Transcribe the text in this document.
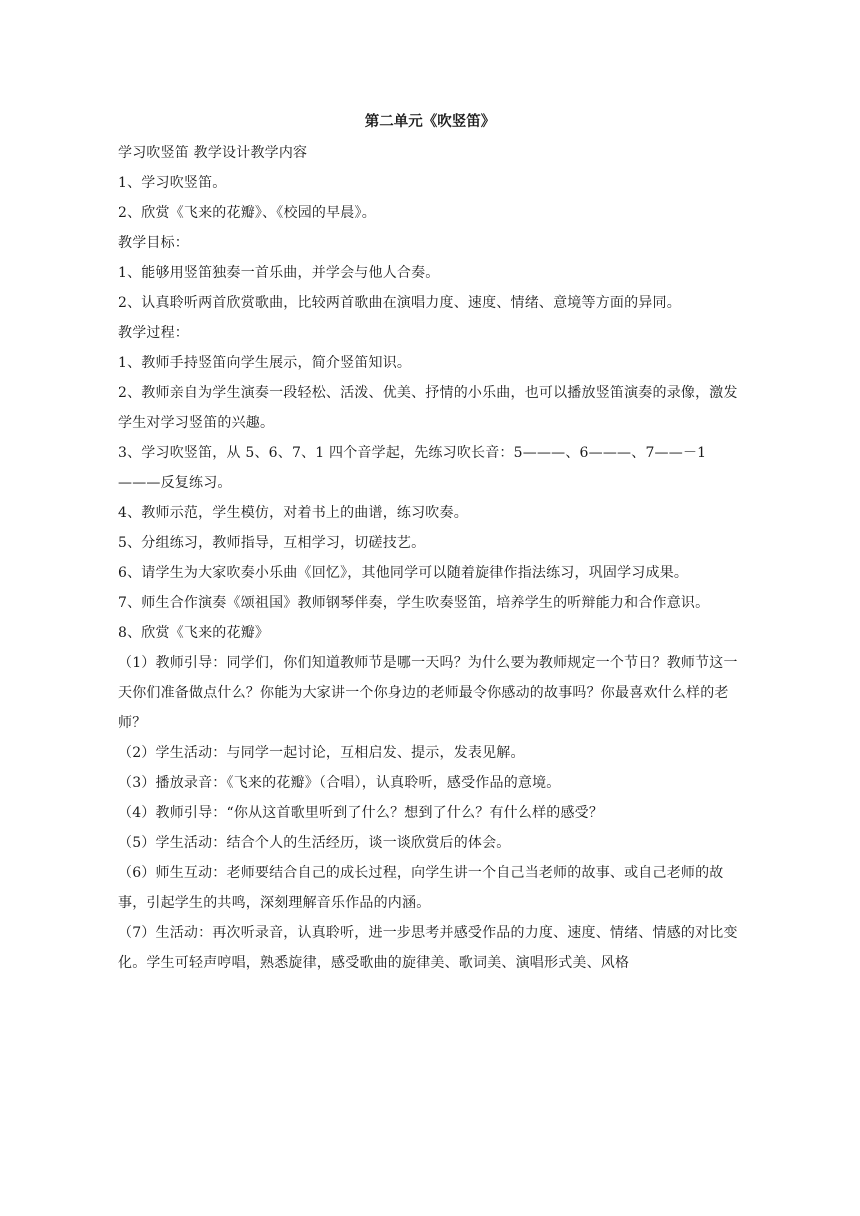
第二单元《吹竖笛》

学习吹竖笛 教学设计教学内容

1、学习吹竖笛。

2、欣赏《飞来的花瓣》、《校园的早晨》。

教学目标：

1、能够用竖笛独奏一首乐曲，并学会与他人合奏。

2、认真聆听两首欣赏歌曲，比较两首歌曲在演唱力度、速度、情绪、意境等方面的异同。

教学过程：

1、教师手持竖笛向学生展示，简介竖笛知识。

2、教师亲自为学生演奏一段轻松、活泼、优美、抒情的小乐曲，也可以播放竖笛演奏的录像，激发学生对学习竖笛的兴趣。

3、学习吹竖笛，从 5、6、7、1 四个音学起，先练习吹长音：5———、6———、7——－1———反复练习。

4、教师示范，学生模仿，对着书上的曲谱，练习吹奏。

5、分组练习，教师指导，互相学习，切磋技艺。

6、请学生为大家吹奏小乐曲《回忆》，其他同学可以随着旋律作指法练习，巩固学习成果。

7、师生合作演奏《颂祖国》教师钢琴伴奏，学生吹奏竖笛，培养学生的听辩能力和合作意识。

8、欣赏《飞来的花瓣》

（1）教师引导：同学们，你们知道教师节是哪一天吗？为什么要为教师规定一个节日？教师节这一天你们准备做点什么？你能为大家讲一个你身边的老师最令你感动的故事吗？你最喜欢什么样的老师？

（2）学生活动：与同学一起讨论，互相启发、提示，发表见解。

（3）播放录音：《飞来的花瓣》（合唱），认真聆听，感受作品的意境。

（4）教师引导：“你从这首歌里听到了什么？想到了什么？有什么样的感受？

（5）学生活动：结合个人的生活经历，谈一谈欣赏后的体会。

（6）师生互动：老师要结合自己的成长过程，向学生讲一个自己当老师的故事、或自己老师的故事，引起学生的共鸣，深刻理解音乐作品的内涵。

（7）生活动：再次听录音，认真聆听，进一步思考并感受作品的力度、速度、情绪、情感的对比变化。学生可轻声哼唱，熟悉旋律，感受歌曲的旋律美、歌词美、演唱形式美、风格
